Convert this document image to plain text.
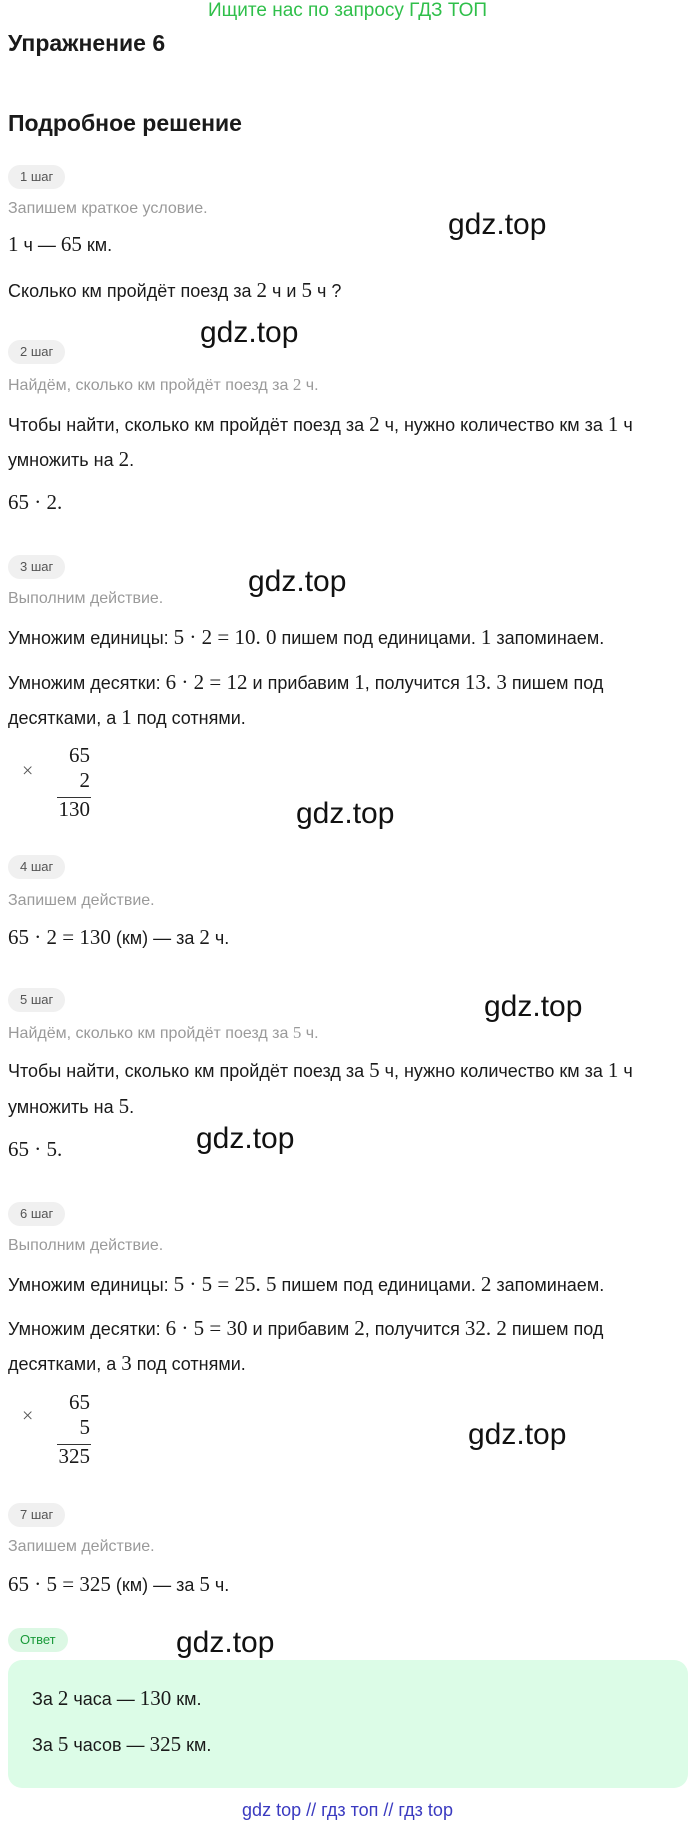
Ищите нас по запросу ГДЗ ТОП
Упражнение 6
Подробное решение
1 шаг
Запишем краткое условие.
1 ч — 65 км.
Сколько км пройдёт поезд за 2 ч и 5 ч ?
2 шаг
Найдём, сколько км пройдёт поезд за 2 ч.
Чтобы найти, сколько км пройдёт поезд за 2 ч, нужно количество км за 1 ч
умножить на 2.
65 · 2.
3 шаг
Выполним действие.
Умножим единицы: 5 · 2 = 10. 0 пишем под единицами. 1 запоминаем.
Умножим десятки: 6 · 2 = 12 и прибавим 1, получится 13. 3 пишем под
десятками, а 1 под сотнями.
×
65
2
130
4 шаг
Запишем действие.
65 · 2 = 130 (км) — за 2 ч.
5 шаг
Найдём, сколько км пройдёт поезд за 5 ч.
Чтобы найти, сколько км пройдёт поезд за 5 ч, нужно количество км за 1 ч
умножить на 5.
65 · 5.
6 шаг
Выполним действие.
Умножим единицы: 5 · 5 = 25. 5 пишем под единицами. 2 запоминаем.
Умножим десятки: 6 · 5 = 30 и прибавим 2, получится 32. 2 пишем под
десятками, а 3 под сотнями.
×
65
5
325
7 шаг
Запишем действие.
65 · 5 = 325 (км) — за 5 ч.
Ответ
За 2 часа — 130 км.
За 5 часов — 325 км.
gdz.top
gdz.top
gdz.top
gdz.top
gdz.top
gdz.top
gdz.top
gdz.top
gdz top // гдз топ // гдз top
